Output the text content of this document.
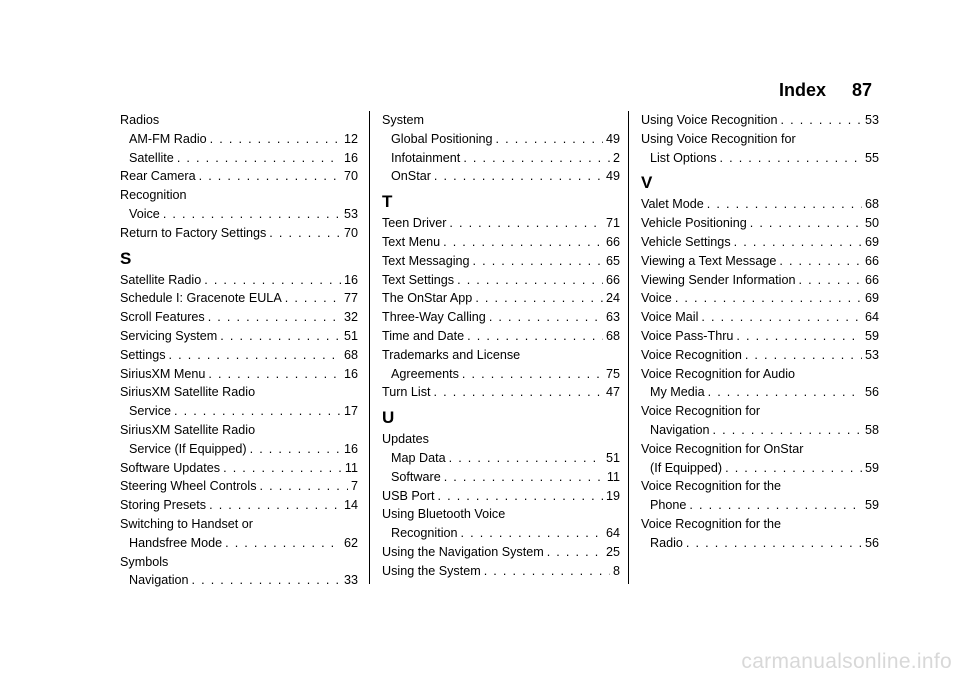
Index 87
Radios
AM-FM Radio . . .	12
Satellite . . .	16
Rear Camera . . .	70
Recognition
Voice . . .	53
Return to Factory Settings . . .	70
S
Satellite Radio . . .	16
Schedule I: Gracenote EULA . . .	77
Scroll Features . . .	32
Servicing System . . .	51
Settings . . .	68
SiriusXM Menu . . .	16
SiriusXM Satellite Radio
Service . . .	17
SiriusXM Satellite Radio
Service (If Equipped) . . .	16
Software Updates . . .	11
Steering Wheel Controls . . .	7
Storing Presets . . .	14
Switching to Handset or
Handsfree Mode . . .	62
Symbols
Navigation . . .	33
System
Global Positioning . . .	49
Infotainment . . .	2
OnStar . . .	49
T
Teen Driver . . .	71
Text Menu . . .	66
Text Messaging . . .	65
Text Settings . . .	66
The OnStar App . . .	24
Three-Way Calling . . .	63
Time and Date . . .	68
Trademarks and License
Agreements . . .	75
Turn List . . .	47
U
Updates
Map Data . . .	51
Software . . .	11
USB Port . . .	19
Using Bluetooth Voice
Recognition . . .	64
Using the Navigation System . . .	25
Using the System . . .	8
Using Voice Recognition . . .	53
Using Voice Recognition for
List Options . . .	55
V
Valet Mode . . .	68
Vehicle Positioning . . .	50
Vehicle Settings . . .	69
Viewing a Text Message . . .	66
Viewing Sender Information . . .	66
Voice . . .	69
Voice Mail . . .	64
Voice Pass-Thru . . .	59
Voice Recognition . . .	53
Voice Recognition for Audio
My Media . . .	56
Voice Recognition for
Navigation . . .	58
Voice Recognition for OnStar
(If Equipped) . . .	59
Voice Recognition for the
Phone . . .	59
Voice Recognition for the
Radio . . .	56
carmanualsonline.info
